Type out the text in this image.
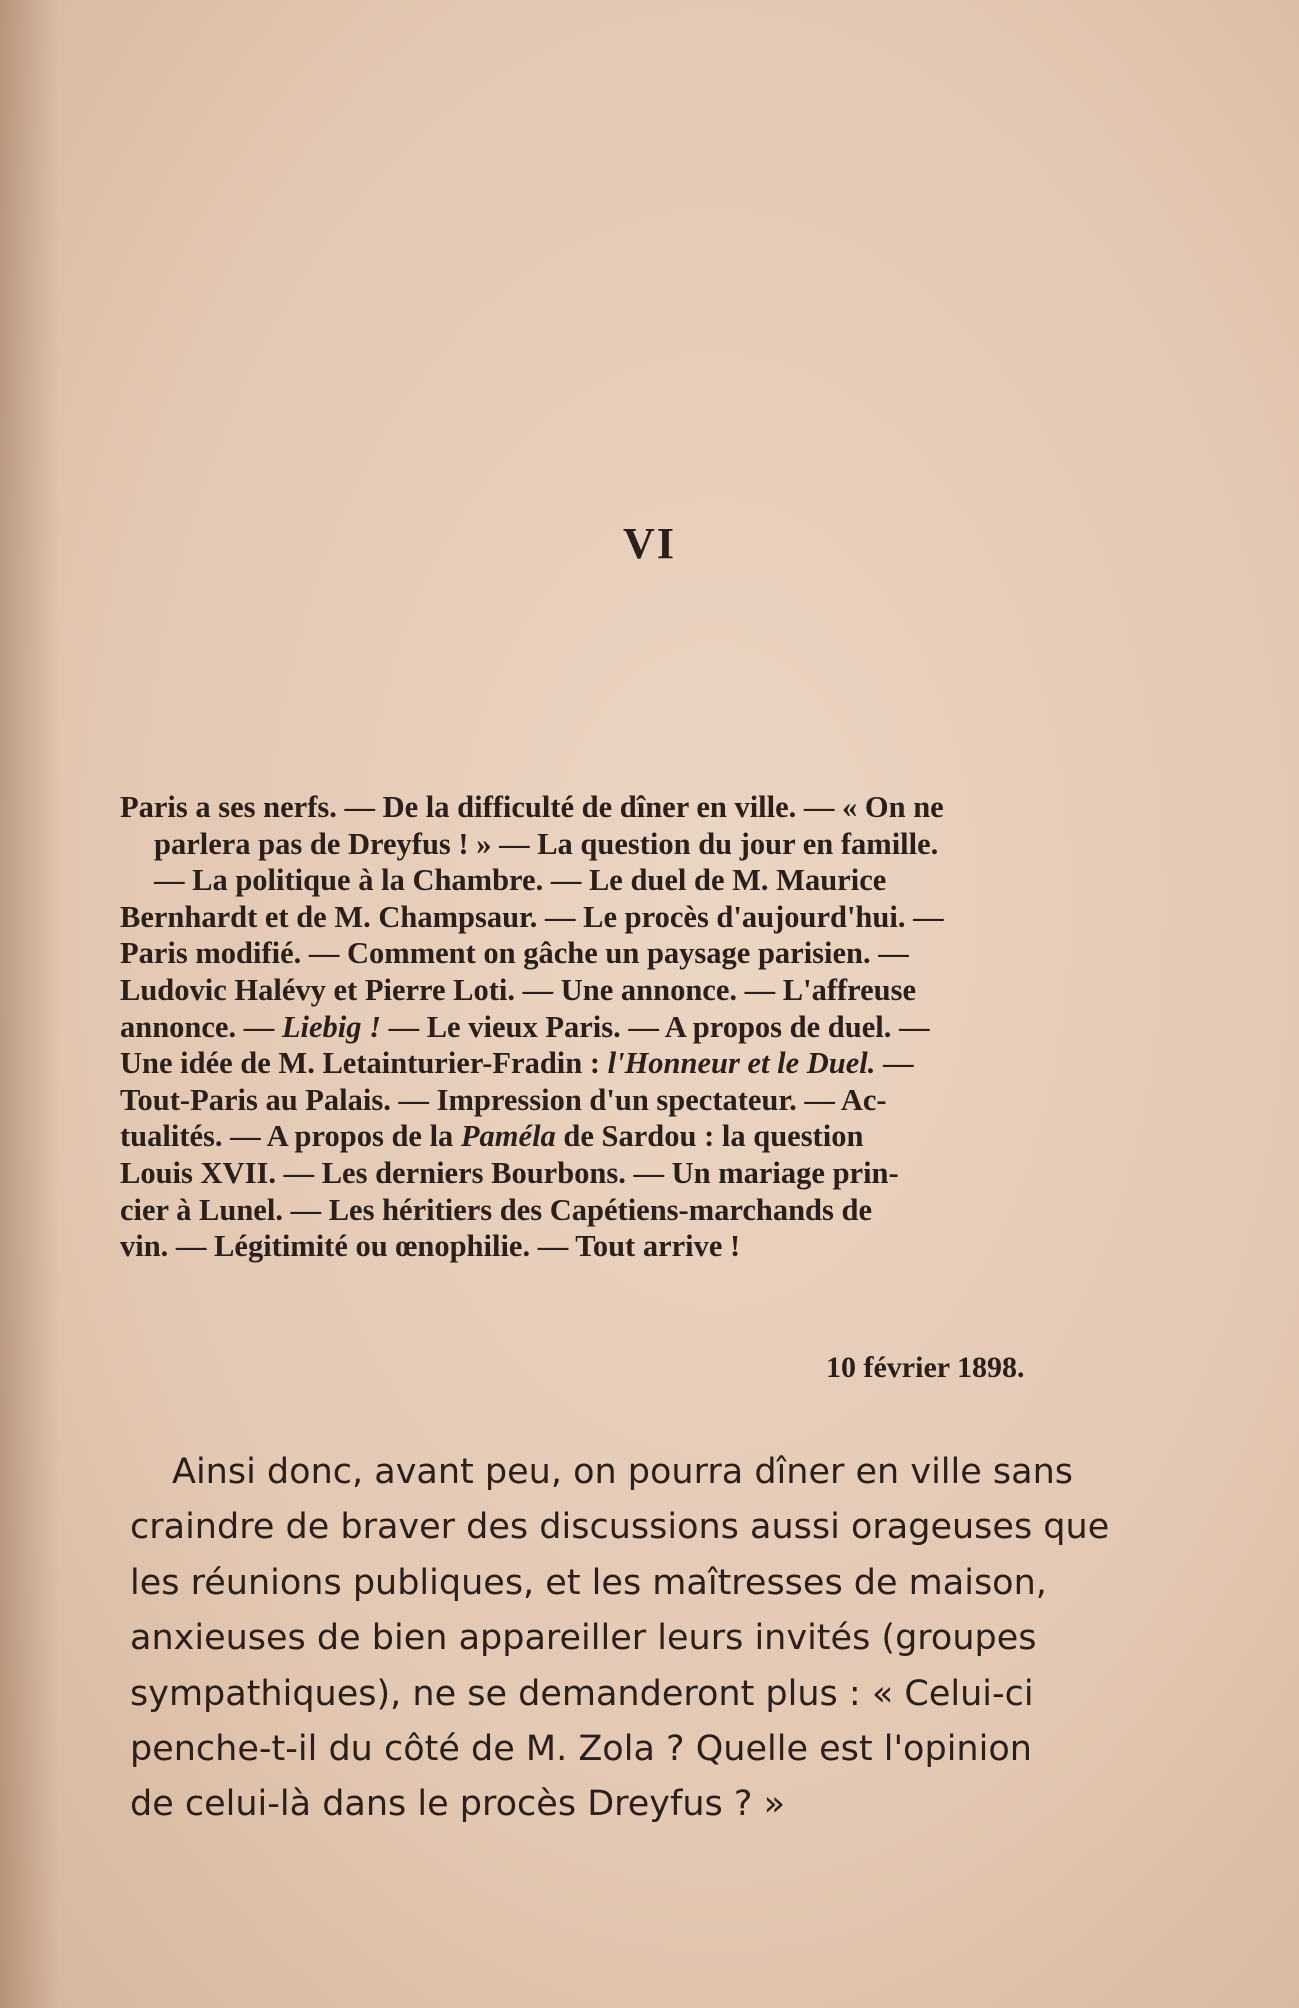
VI
Paris a ses nerfs. — De la difficulté de dîner en ville. — « On ne
parlera pas de Dreyfus ! » — La question du jour en famille.
— La politique à la Chambre. — Le duel de M. Maurice
Bernhardt et de M. Champsaur. — Le procès d'aujourd'hui. —
Paris modifié. — Comment on gâche un paysage parisien. —
Ludovic Halévy et Pierre Loti. — Une annonce. — L'affreuse
annonce. — Liebig ! — Le vieux Paris. — A propos de duel. —
Une idée de M. Letainturier-Fradin : l'Honneur et le Duel. —
Tout-Paris au Palais. — Impression d'un spectateur. — Ac-
tualités. — A propos de la Paméla de Sardou : la question
Louis XVII. — Les derniers Bourbons. — Un mariage prin-
cier à Lunel. — Les héritiers des Capétiens-marchands de
vin. — Légitimité ou œnophilie. — Tout arrive !
10 février 1898.
Ainsi donc, avant peu, on pourra dîner en ville sans
craindre de braver des discussions aussi orageuses que
les réunions publiques, et les maîtresses de maison,
anxieuses de bien appareiller leurs invités (groupes
sympathiques), ne se demanderont plus : « Celui-ci
penche-t-il du côté de M. Zola ? Quelle est l'opinion
de celui-là dans le procès Dreyfus ? »
